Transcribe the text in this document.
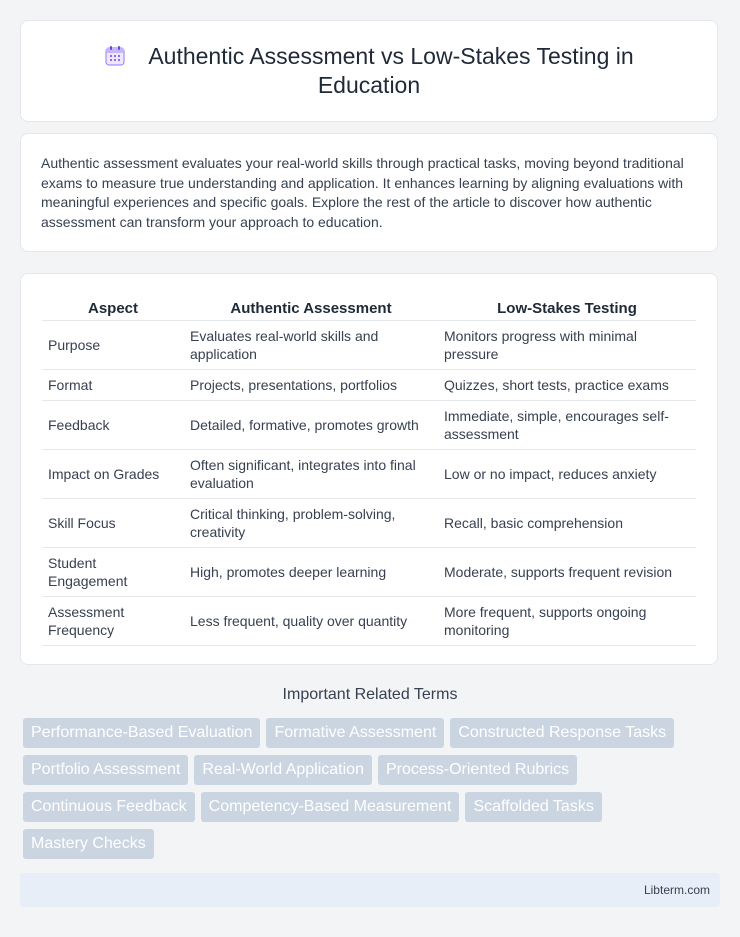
Authentic Assessment vs Low-Stakes Testing in Education

Authentic assessment evaluates your real-world skills through practical tasks, moving beyond traditional exams to measure true understanding and application. It enhances learning by aligning evaluations with meaningful experiences and specific goals. Explore the rest of the article to discover how authentic assessment can transform your approach to education.

Aspect	Authentic Assessment	Low-Stakes Testing
Purpose	Evaluates real-world skills and application	Monitors progress with minimal pressure
Format	Projects, presentations, portfolios	Quizzes, short tests, practice exams
Feedback	Detailed, formative, promotes growth	Immediate, simple, encourages self-assessment
Impact on Grades	Often significant, integrates into final evaluation	Low or no impact, reduces anxiety
Skill Focus	Critical thinking, problem-solving, creativity	Recall, basic comprehension
Student Engagement	High, promotes deeper learning	Moderate, supports frequent revision
Assessment Frequency	Less frequent, quality over quantity	More frequent, supports ongoing monitoring
Important Related Terms
Performance-Based Evaluation	Formative Assessment	Constructed Response Tasks
Portfolio Assessment	Real-World Application	Process-Oriented Rubrics
Continuous Feedback	Competency-Based Measurement	Scaffolded Tasks
Mastery Checks
Libterm.com
